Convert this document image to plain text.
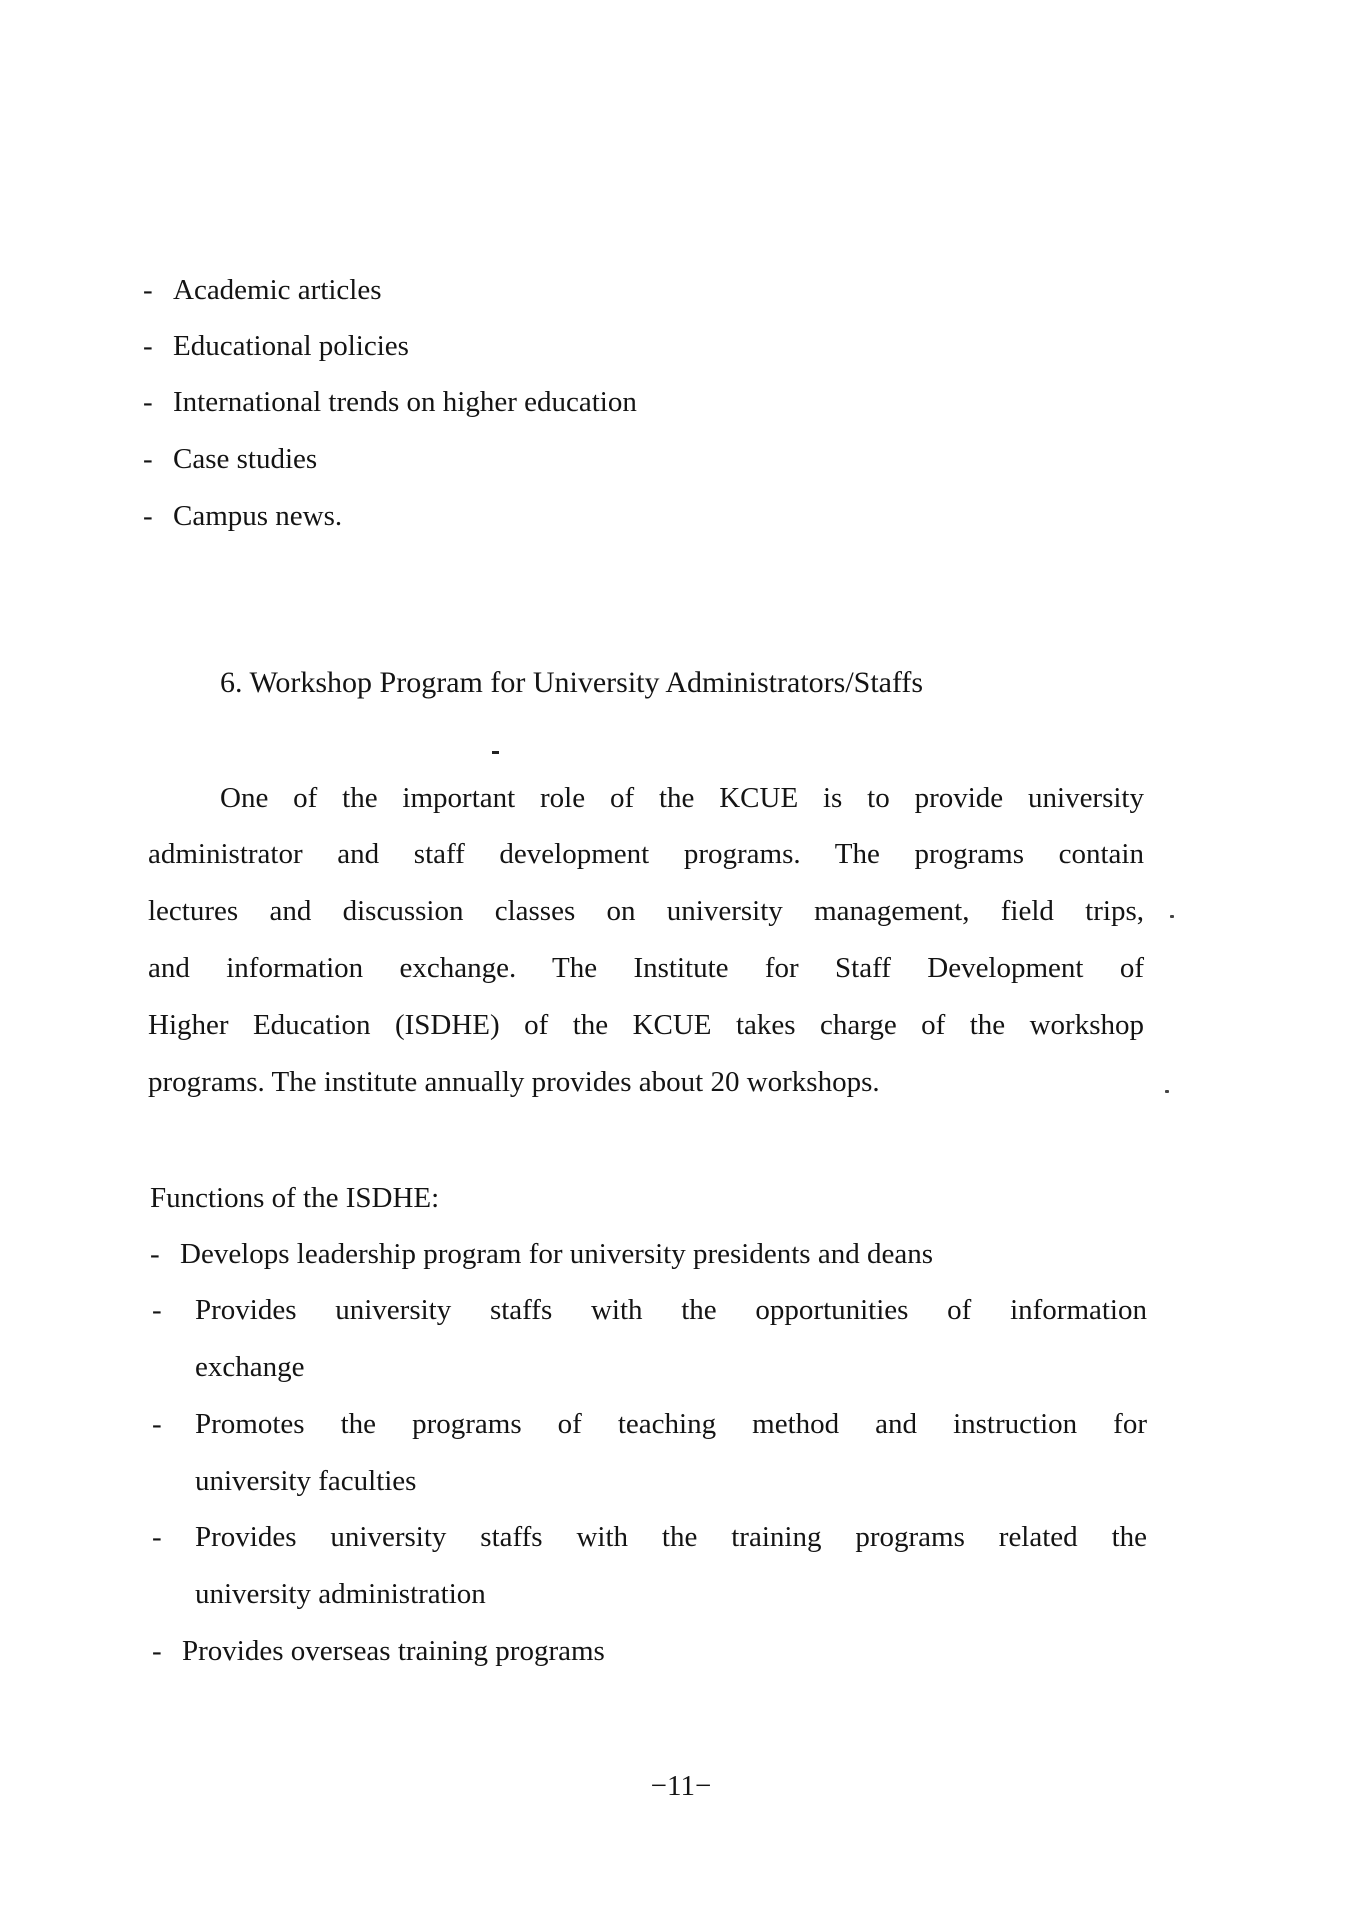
- Academic articles
- Educational policies
- International trends on higher education
- Case studies
- Campus news.
6. Workshop Program for University Administrators/Staffs
One of the important role of the KCUE is to provide university
administrator and staff development programs. The programs contain
lectures and discussion classes on university management, field trips,
and information exchange. The Institute for Staff Development of
Higher Education (ISDHE) of the KCUE takes charge of the workshop
programs. The institute annually provides about 20 workshops.
Functions of the ISDHE:
- Develops leadership program for university presidents and deans
- Provides university staffs with the opportunities of information
exchange
- Promotes the programs of teaching method and instruction for
university faculties
- Provides university staffs with the training programs related the
university administration
- Provides overseas training programs
−11−
